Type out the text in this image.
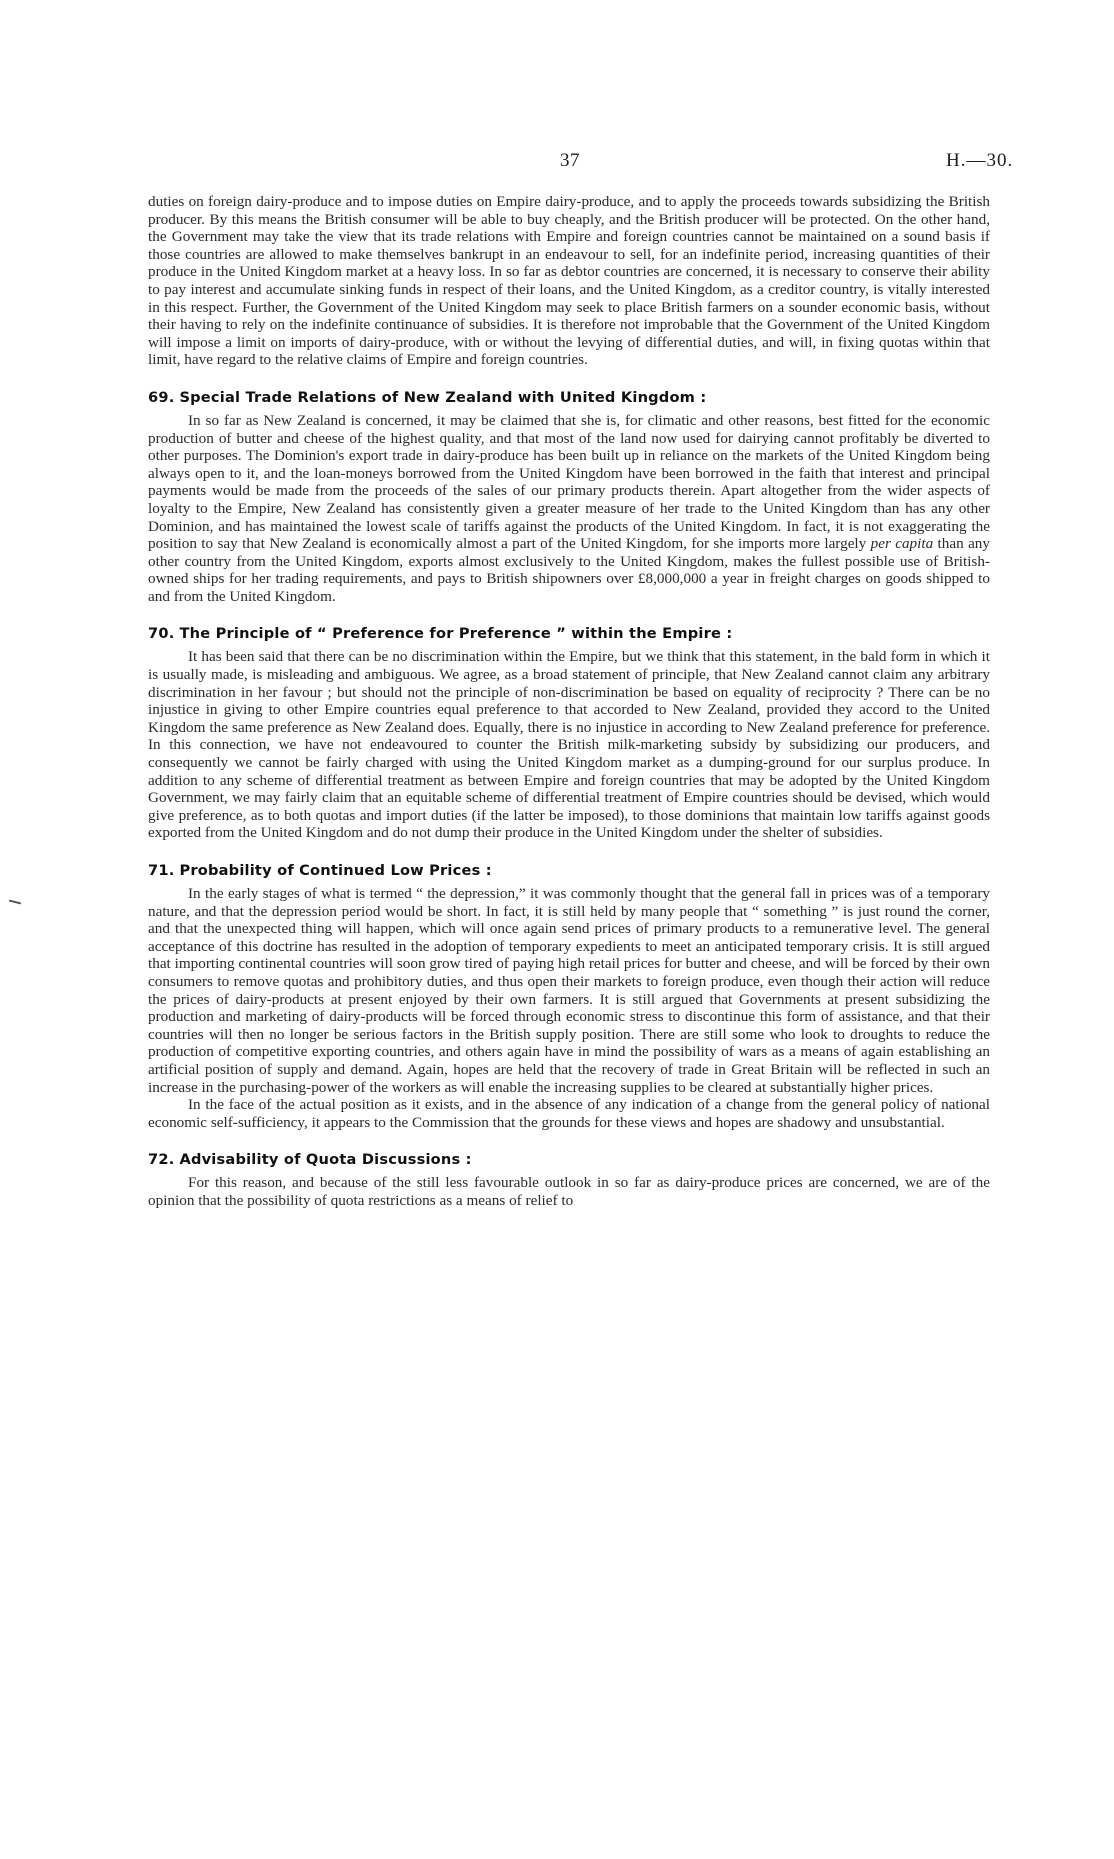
37	H.—30.

duties on foreign dairy-produce and to impose duties on Empire dairy-produce, and to apply the proceeds towards subsidizing the British producer. By this means the British consumer will be able to buy cheaply, and the British producer will be protected. On the other hand, the Government may take the view that its trade relations with Empire and foreign countries cannot be maintained on a sound basis if those countries are allowed to make themselves bankrupt in an endeavour to sell, for an indefinite period, increasing quantities of their produce in the United Kingdom market at a heavy loss. In so far as debtor countries are concerned, it is necessary to conserve their ability to pay interest and accumulate sinking funds in respect of their loans, and the United Kingdom, as a creditor country, is vitally interested in this respect. Further, the Government of the United Kingdom may seek to place British farmers on a sounder economic basis, without their having to rely on the indefinite continuance of subsidies. It is therefore not improbable that the Government of the United Kingdom will impose a limit on imports of dairy-produce, with or without the levying of differential duties, and will, in fixing quotas within that limit, have regard to the relative claims of Empire and foreign countries.

69. Special Trade Relations of New Zealand with United Kingdom :

In so far as New Zealand is concerned, it may be claimed that she is, for climatic and other reasons, best fitted for the economic production of butter and cheese of the highest quality, and that most of the land now used for dairying cannot profitably be diverted to other purposes. The Dominion's export trade in dairy-produce has been built up in reliance on the markets of the United Kingdom being always open to it, and the loan-moneys borrowed from the United Kingdom have been borrowed in the faith that interest and principal payments would be made from the proceeds of the sales of our primary products therein. Apart altogether from the wider aspects of loyalty to the Empire, New Zealand has consistently given a greater measure of her trade to the United Kingdom than has any other Dominion, and has maintained the lowest scale of tariffs against the products of the United Kingdom. In fact, it is not exaggerating the position to say that New Zealand is economically almost a part of the United Kingdom, for she imports more largely per capita than any other country from the United Kingdom, exports almost exclusively to the United Kingdom, makes the fullest possible use of British-owned ships for her trading requirements, and pays to British shipowners over £8,000,000 a year in freight charges on goods shipped to and from the United Kingdom.

70. The Principle of “ Preference for Preference ” within the Empire :

It has been said that there can be no discrimination within the Empire, but we think that this statement, in the bald form in which it is usually made, is misleading and ambiguous. We agree, as a broad statement of principle, that New Zealand cannot claim any arbitrary discrimination in her favour ; but should not the principle of non-discrimination be based on equality of reciprocity ? There can be no injustice in giving to other Empire countries equal preference to that accorded to New Zealand, provided they accord to the United Kingdom the same preference as New Zealand does. Equally, there is no injustice in according to New Zealand preference for preference. In this connection, we have not endeavoured to counter the British milk-marketing subsidy by subsidizing our producers, and consequently we cannot be fairly charged with using the United Kingdom market as a dumping-ground for our surplus produce. In addition to any scheme of differential treatment as between Empire and foreign countries that may be adopted by the United Kingdom Government, we may fairly claim that an equitable scheme of differential treatment of Empire countries should be devised, which would give preference, as to both quotas and import duties (if the latter be imposed), to those dominions that maintain low tariffs against goods exported from the United Kingdom and do not dump their produce in the United Kingdom under the shelter of subsidies.

71. Probability of Continued Low Prices :

In the early stages of what is termed “ the depression,” it was commonly thought that the general fall in prices was of a temporary nature, and that the depression period would be short. In fact, it is still held by many people that “ something ” is just round the corner, and that the unexpected thing will happen, which will once again send prices of primary products to a remunerative level. The general acceptance of this doctrine has resulted in the adoption of temporary expedients to meet an anticipated temporary crisis. It is still argued that importing continental countries will soon grow tired of paying high retail prices for butter and cheese, and will be forced by their own consumers to remove quotas and prohibitory duties, and thus open their markets to foreign produce, even though their action will reduce the prices of dairy-products at present enjoyed by their own farmers. It is still argued that Governments at present subsidizing the production and marketing of dairy-products will be forced through economic stress to discontinue this form of assistance, and that their countries will then no longer be serious factors in the British supply position. There are still some who look to droughts to reduce the production of competitive exporting countries, and others again have in mind the possibility of wars as a means of again establishing an artificial position of supply and demand. Again, hopes are held that the recovery of trade in Great Britain will be reflected in such an increase in the purchasing-power of the workers as will enable the increasing supplies to be cleared at substantially higher prices.

In the face of the actual position as it exists, and in the absence of any indication of a change from the general policy of national economic self-sufficiency, it appears to the Commission that the grounds for these views and hopes are shadowy and unsubstantial.

72. Advisability of Quota Discussions :

For this reason, and because of the still less favourable outlook in so far as dairy-produce prices are concerned, we are of the opinion that the possibility of quota restrictions as a means of relief to
